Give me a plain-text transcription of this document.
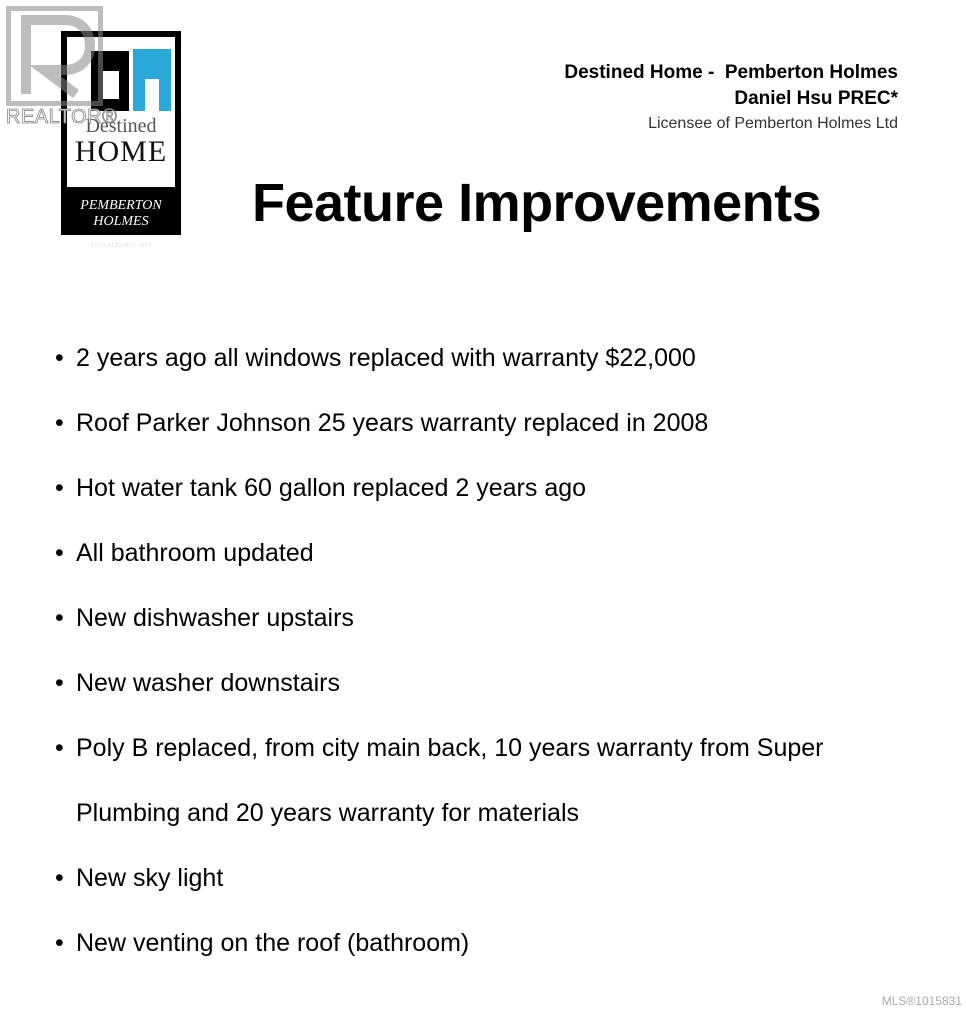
Destined
HOME
PEMBERTON
HOLMES
ESTABLISHED 1887
REALTOR®
Destined Home -  Pemberton Holmes
Daniel Hsu PREC*
Licensee of Pemberton Holmes Ltd
Feature Improvements
• 2 years ago all windows replaced with warranty $22,000
• Roof Parker Johnson 25 years warranty replaced in 2008
• Hot water tank 60 gallon replaced 2 years ago
• All bathroom updated
• New dishwasher upstairs
• New washer downstairs
• Poly B replaced, from city main back, 10 years warranty from Super
Plumbing and 20 years warranty for materials
• New sky light
• New venting on the roof (bathroom)
MLS®1015831
